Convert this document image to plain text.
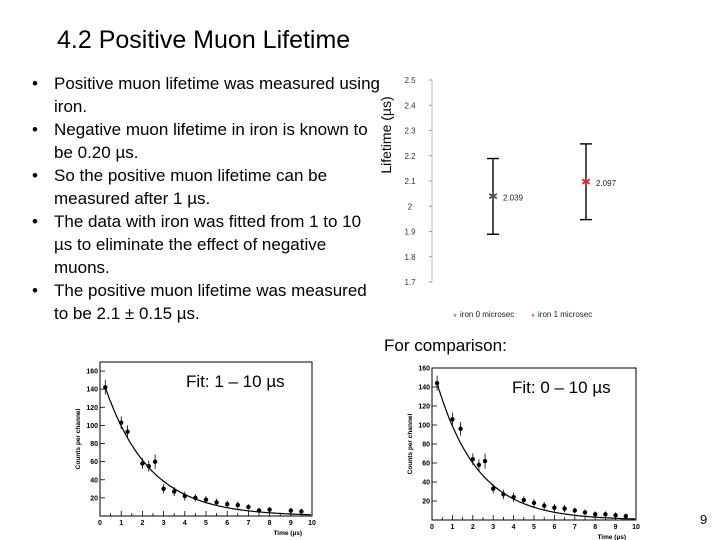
4.2 Positive Muon Lifetime
• Positive muon lifetime was measured using iron.
• Negative muon lifetime in iron is known to be 0.20 µs.
• So the positive muon lifetime can be measured after 1 µs.
• The data with iron was fitted from 1 to 10 µs to eliminate the effect of negative muons.
• The positive muon lifetime was measured to be 2.1 ± 0.15 µs.
Lifetime (µs)
1.7
1.8
1.9
2
2.1
2.2
2.3
2.4
2.5
✱ 2.039
✱ 2.097
* iron 0 microsec * iron 1 microsec
For comparison:
0 1 2 3 4 5 6 7 8 9 10
20
40
60
80
100
120
140
160
Time (µs)
Counts per channel
Fit: 1 – 10 µs
0 1 2 3 4 5 6 7 8 9 10
20
40
60
80
100
120
140
160
Time (µs)
Counts per channel
Fit: 0 – 10 µs
9
